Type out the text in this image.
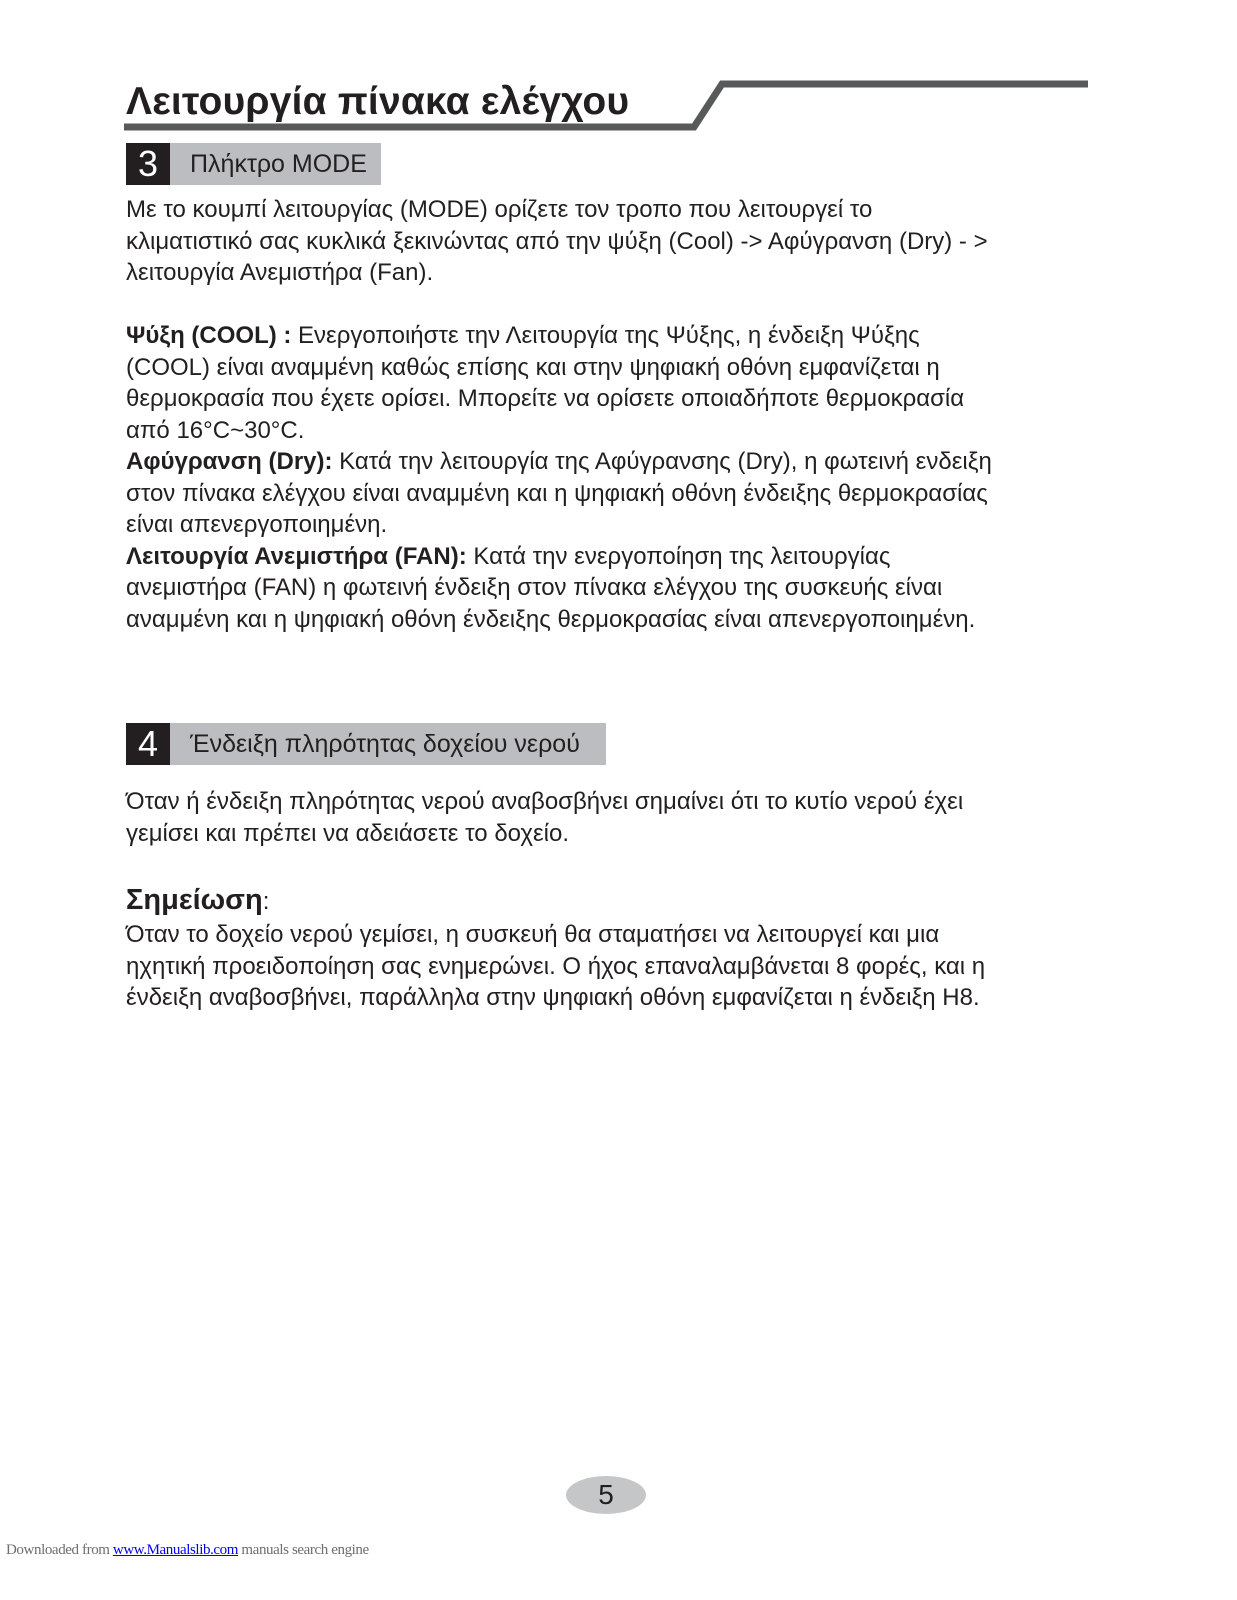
Λειτουργία πίνακα ελέγχου
3	Πλήκτρο MODE

Με το κουμπί λειτουργίας (MODE) ορίζετε τον τροπο που λειτουργεί το
κλιματιστικό σας κυκλικά ξεκινώντας από την ψύξη (Cool) -> Αφύγρανση (Dry) - >
λειτουργία Ανεμιστήρα (Fan).

Ψύξη (COOL) : Ενεργοποιήστε την Λειτουργία της Ψύξης, η ένδειξη Ψύξης
(COOL) είναι αναμμένη καθώς επίσης και στην ψηφιακή οθόνη εμφανίζεται η
θερμοκρασία που έχετε ορίσει. Μπορείτε να ορίσετε οποιαδήποτε θερμοκρασία
από 16°C~30°C.
Αφύγρανση (Dry): Κατά την λειτουργία της Αφύγρανσης (Dry), η φωτεινή ενδειξη
στον πίνακα ελέγχου είναι αναμμένη και η ψηφιακή οθόνη ένδειξης θερμοκρασίας
είναι απενεργοποιημένη.
Λειτουργία Ανεμιστήρα (FAN): Κατά την ενεργοποίηση της λειτουργίας
ανεμιστήρα (FAN) η φωτεινή ένδειξη στον πίνακα ελέγχου της συσκευής είναι
αναμμένη και η ψηφιακή οθόνη ένδειξης θερμοκρασίας είναι απενεργοποιημένη.

4	Ένδειξη πληρότητας δοχείου νερού

Όταν ή ένδειξη πληρότητας νερού αναβοσβήνει σημαίνει ότι το κυτίο νερού έχει
γεμίσει και πρέπει να αδειάσετε το δοχείο.

Σημείωση:

Όταν το δοχείο νερού γεμίσει, η συσκευή θα σταματήσει να λειτουργεί και μια
ηχητική προειδοποίηση σας ενημερώνει. Ο ήχος επαναλαμβάνεται 8 φορές, και η
ένδειξη αναβοσβήνει, παράλληλα στην ψηφιακή οθόνη εμφανίζεται η ένδειξη H8.

5
Downloaded from www.Manualslib.com manuals search engine
